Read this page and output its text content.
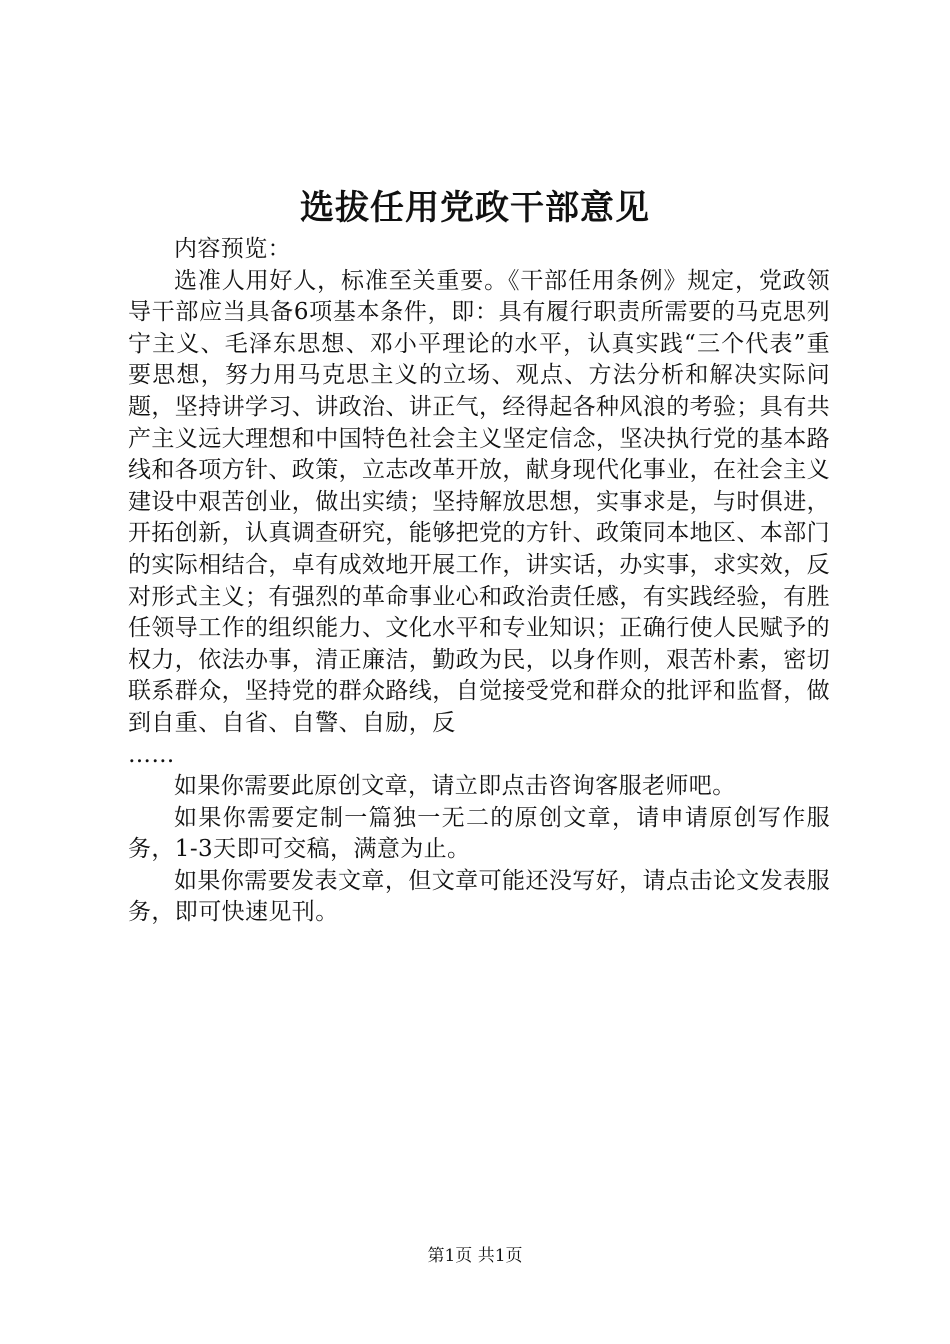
选拔任用党政干部意见

内容预览：

选准人用好人，标准至关重要。《干部任用条例》规定，党政领导干部应当具备6项基本条件，即：具有履行职责所需要的马克思列宁主义、毛泽东思想、邓小平理论的水平，认真实践“三个代表”重要思想，努力用马克思主义的立场、观点、方法分析和解决实际问题，坚持讲学习、讲政治、讲正气，经得起各种风浪的考验；具有共产主义远大理想和中国特色社会主义坚定信念，坚决执行党的基本路线和各项方针、政策，立志改革开放，献身现代化事业，在社会主义建设中艰苦创业，做出实绩；坚持解放思想，实事求是，与时俱进，开拓创新，认真调查研究，能够把党的方针、政策同本地区、本部门的实际相结合，卓有成效地开展工作，讲实话，办实事，求实效，反对形式主义；有强烈的革命事业心和政治责任感，有实践经验，有胜任领导工作的组织能力、文化水平和专业知识；正确行使人民赋予的权力，依法办事，清正廉洁，勤政为民，以身作则，艰苦朴素，密切联系群众，坚持党的群众路线，自觉接受党和群众的批评和监督，做到自重、自省、自警、自励，反

……

如果你需要此原创文章，请立即点击咨询客服老师吧。

如果你需要定制一篇独一无二的原创文章，请申请原创写作服务，1-3天即可交稿，满意为止。

如果你需要发表文章，但文章可能还没写好，请点击论文发表服务，即可快速见刊。

第1页 共1页
